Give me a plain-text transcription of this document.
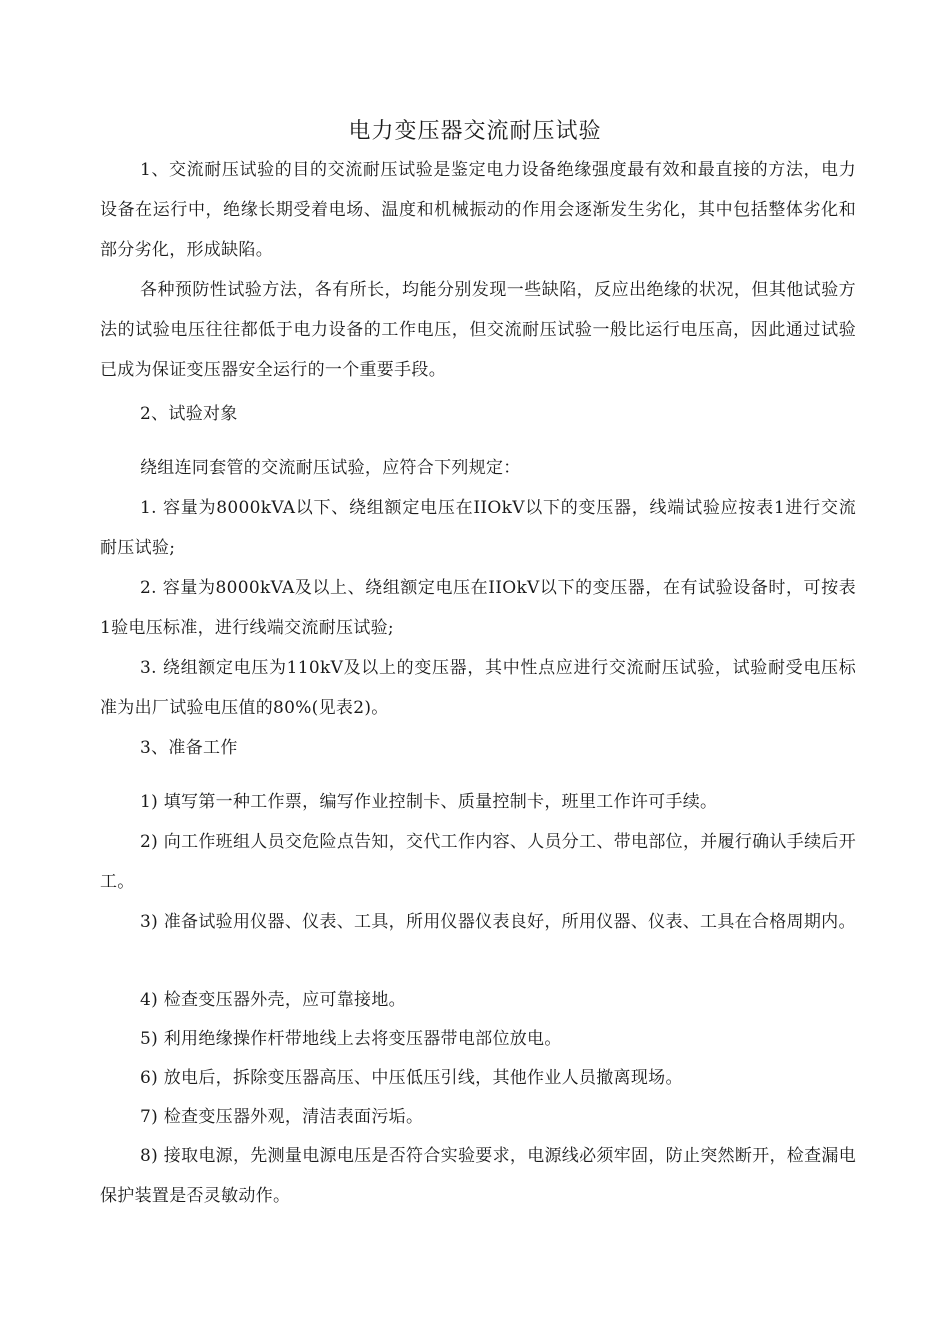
电力变压器交流耐压试验

1、交流耐压试验的目的交流耐压试验是鉴定电力设备绝缘强度最有效和最直接的方法，电力设备在运行中，绝缘长期受着电场、温度和机械振动的作用会逐渐发生劣化，其中包括整体劣化和部分劣化，形成缺陷。

各种预防性试验方法，各有所长，均能分别发现一些缺陷，反应出绝缘的状况，但其他试验方法的试验电压往往都低于电力设备的工作电压，但交流耐压试验一般比运行电压高，因此通过试验已成为保证变压器安全运行的一个重要手段。

2、试验对象

绕组连同套管的交流耐压试验，应符合下列规定：

1. 容量为8000kVA以下、绕组额定电压在IIOkV以下的变压器，线端试验应按表1进行交流耐压试验;

2. 容量为8000kVA及以上、绕组额定电压在IIOkV以下的变压器，在有试验设备时，可按表1验电压标准，进行线端交流耐压试验;

3. 绕组额定电压为110kV及以上的变压器，其中性点应进行交流耐压试验，试验耐受电压标准为出厂试验电压值的80%(见表2)。

3、准备工作

1) 填写第一种工作票，编写作业控制卡、质量控制卡，班里工作许可手续。

2) 向工作班组人员交危险点告知，交代工作内容、人员分工、带电部位，并履行确认手续后开工。

3) 准备试验用仪器、仪表、工具，所用仪器仪表良好，所用仪器、仪表、工具在合格周期内。

4) 检查变压器外壳，应可靠接地。

5) 利用绝缘操作杆带地线上去将变压器带电部位放电。

6) 放电后，拆除变压器高压、中压低压引线，其他作业人员撤离现场。

7) 检查变压器外观，清洁表面污垢。

8) 接取电源，先测量电源电压是否符合实验要求，电源线必须牢固，防止突然断开，检查漏电保护装置是否灵敏动作。
